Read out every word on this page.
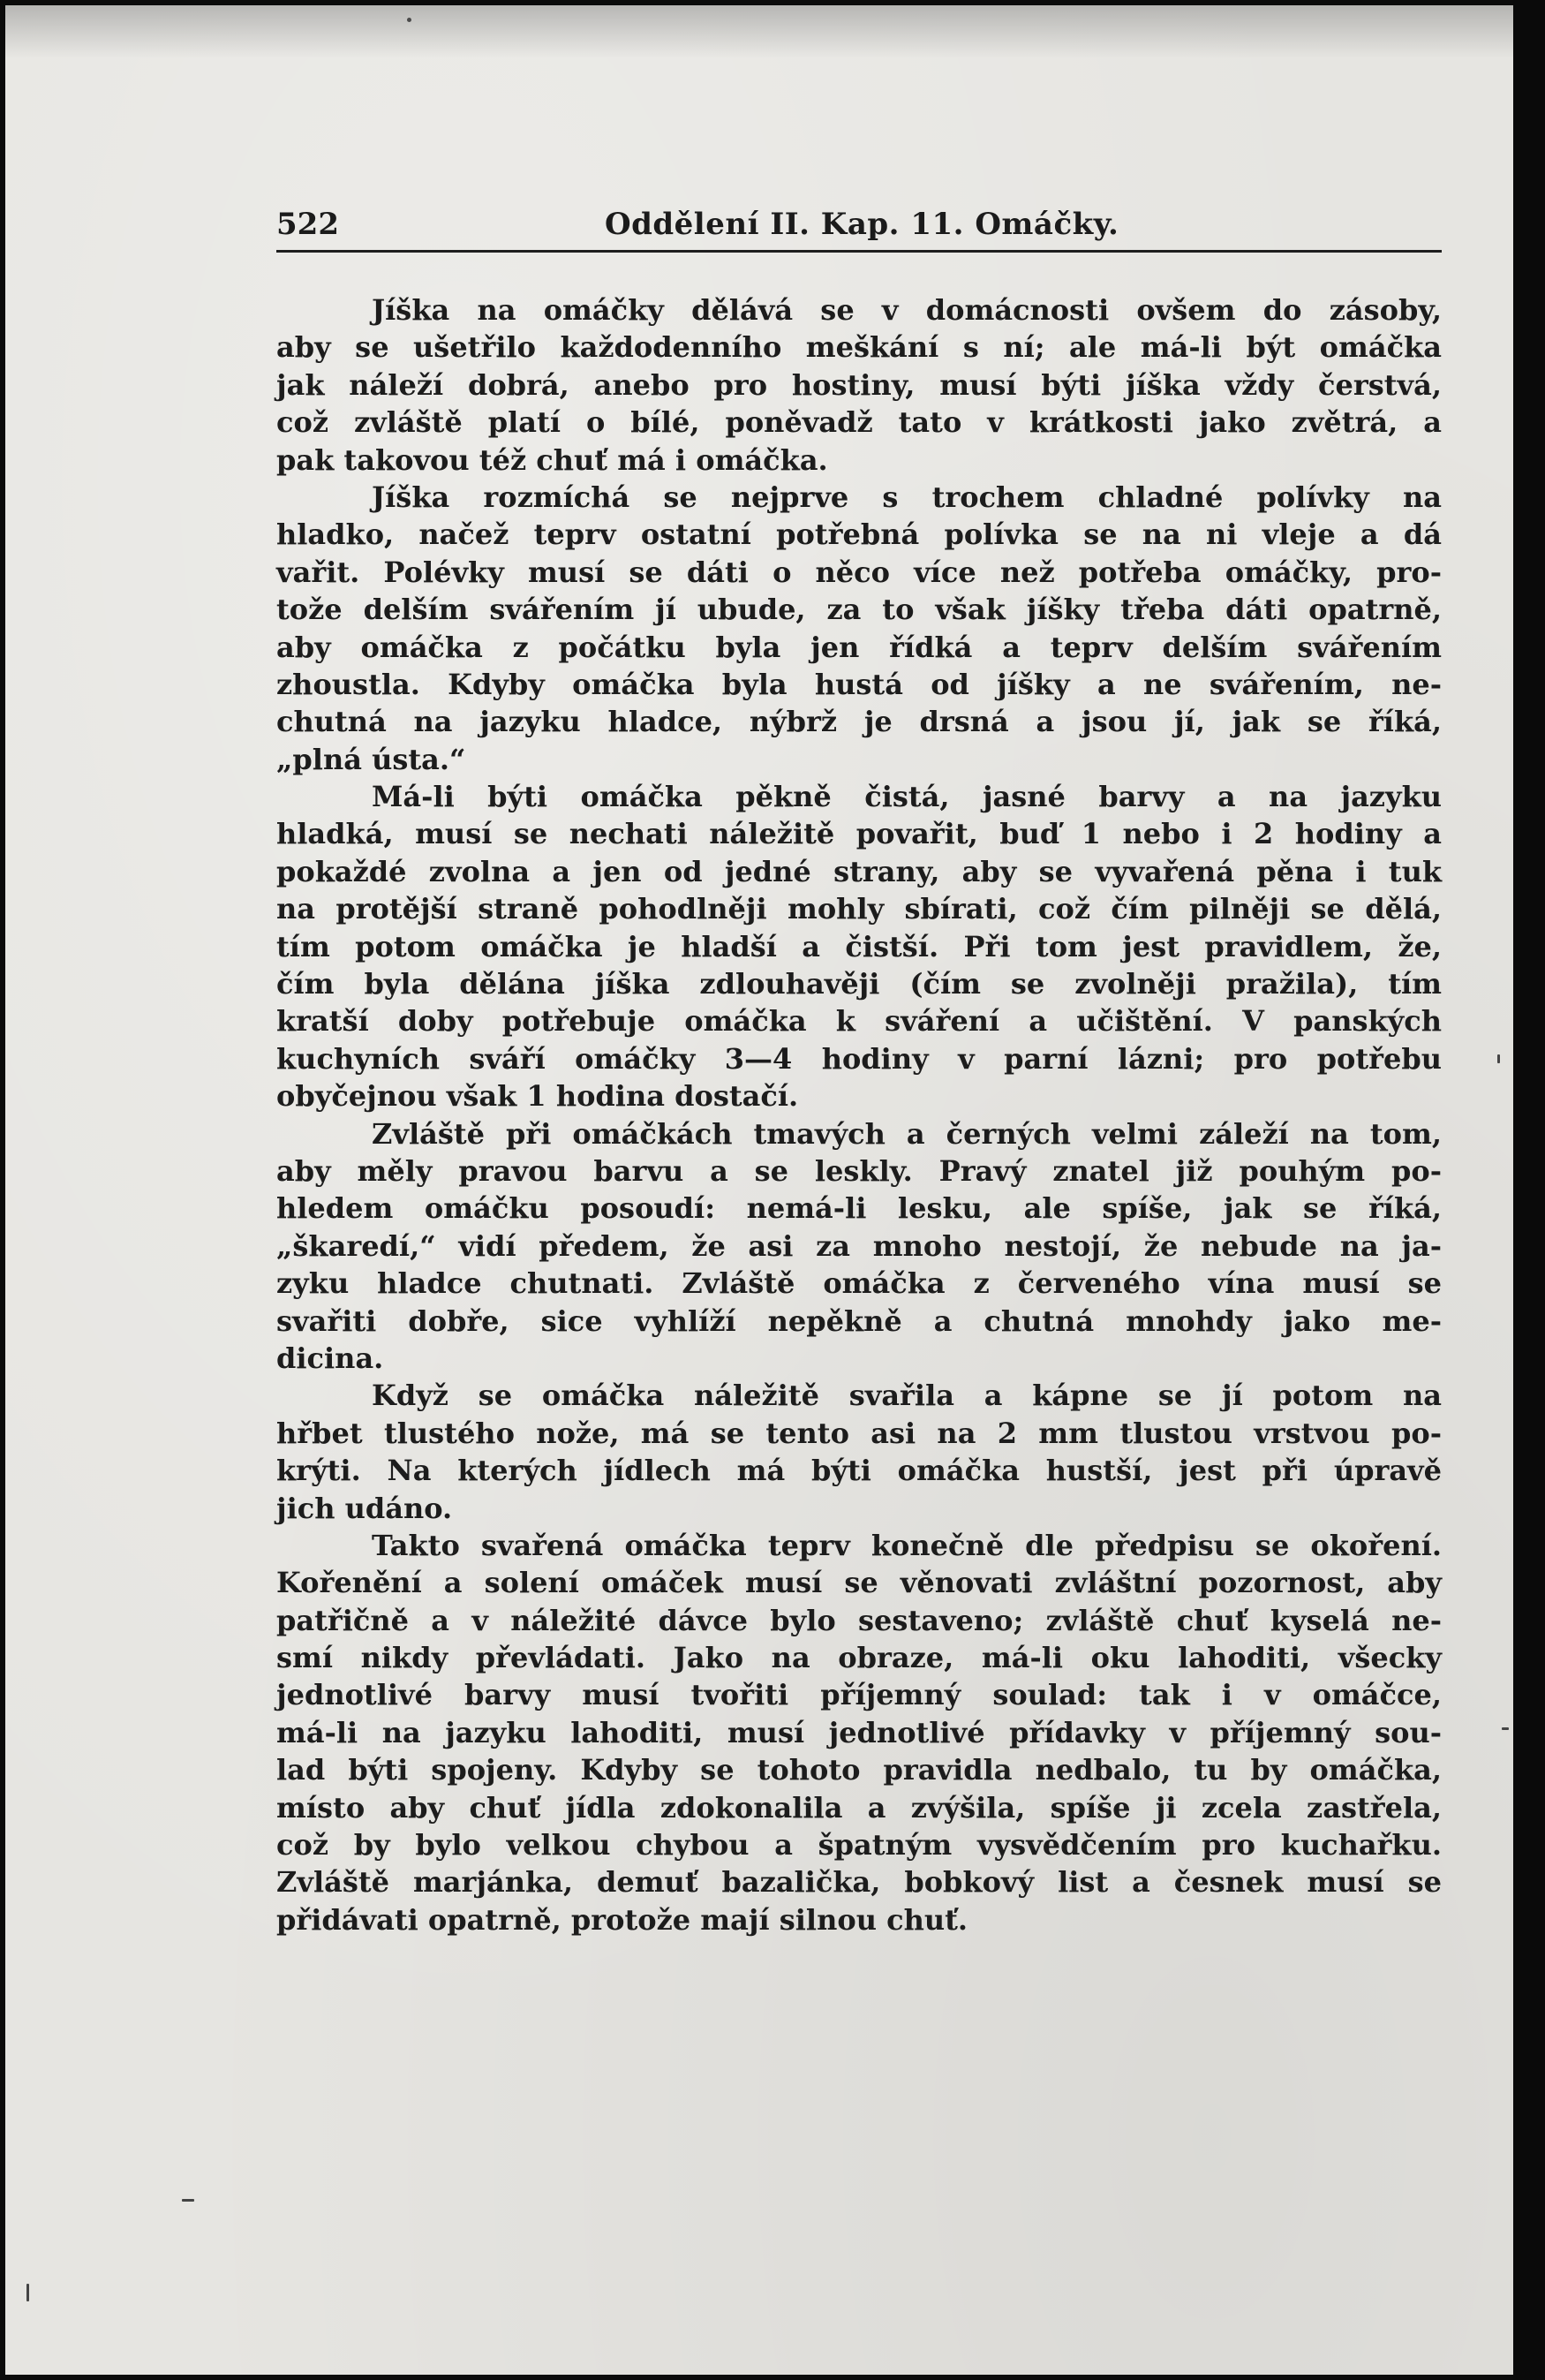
522	Oddělení II. Kap. 11. Omáčky.
Jíška na omáčky dělává se v domácnosti ovšem do zásoby,
aby se ušetřilo každodenního meškání s ní; ale má-li být omáčka
jak náleží dobrá, anebo pro hostiny, musí býti jíška vždy čerstvá,
což zvláště platí o bílé, poněvadž tato v krátkosti jako zvětrá, a
pak takovou též chuť má i omáčka.
Jíška rozmíchá se nejprve s trochem chladné polívky na
hladko, načež teprv ostatní potřebná polívka se na ni vleje a dá
vařit. Polévky musí se dáti o něco více než potřeba omáčky, pro-
tože delším svářením jí ubude, za to však jíšky třeba dáti opatrně,
aby omáčka z počátku byla jen řídká a teprv delším svářením
zhoustla. Kdyby omáčka byla hustá od jíšky a ne svářením, ne-
chutná na jazyku hladce, nýbrž je drsná a jsou jí, jak se říká,
„plná ústa.“
Má-li býti omáčka pěkně čistá, jasné barvy a na jazyku
hladká, musí se nechati náležitě povařit, buď 1 nebo i 2 hodiny a
pokaždé zvolna a jen od jedné strany, aby se vyvařená pěna i tuk
na protější straně pohodlněji mohly sbírati, což čím pilněji se dělá,
tím potom omáčka je hladší a čistší. Při tom jest pravidlem, že,
čím byla dělána jíška zdlouhavěji (čím se zvolněji pražila), tím
kratší doby potřebuje omáčka k sváření a učištění. V panských
kuchyních sváří omáčky 3—4 hodiny v parní lázni; pro potřebu
obyčejnou však 1 hodina dostačí.
Zvláště při omáčkách tmavých a černých velmi záleží na tom,
aby měly pravou barvu a se leskly. Pravý znatel již pouhým po-
hledem omáčku posoudí: nemá-li lesku, ale spíše, jak se říká,
„škaredí,“ vidí předem, že asi za mnoho nestojí, že nebude na ja-
zyku hladce chutnati. Zvláště omáčka z červeného vína musí se
svařiti dobře, sice vyhlíží nepěkně a chutná mnohdy jako me-
dicina.
Když se omáčka náležitě svařila a kápne se jí potom na
hřbet tlustého nože, má se tento asi na 2 mm tlustou vrstvou po-
krýti. Na kterých jídlech má býti omáčka hustší, jest při úpravě
jich udáno.
Takto svařená omáčka teprv konečně dle předpisu se okoření.
Kořenění a solení omáček musí se věnovati zvláštní pozornost, aby
patřičně a v náležité dávce bylo sestaveno; zvláště chuť kyselá ne-
smí nikdy převládati. Jako na obraze, má-li oku lahoditi, všecky
jednotlivé barvy musí tvořiti příjemný soulad: tak i v omáčce,
má-li na jazyku lahoditi, musí jednotlivé přídavky v příjemný sou-
lad býti spojeny. Kdyby se tohoto pravidla nedbalo, tu by omáčka,
místo aby chuť jídla zdokonalila a zvýšila, spíše ji zcela zastřela,
což by bylo velkou chybou a špatným vysvědčením pro kuchařku.
Zvláště marjánka, demuť bazalička, bobkový list a česnek musí se
přidávati opatrně, protože mají silnou chuť.
